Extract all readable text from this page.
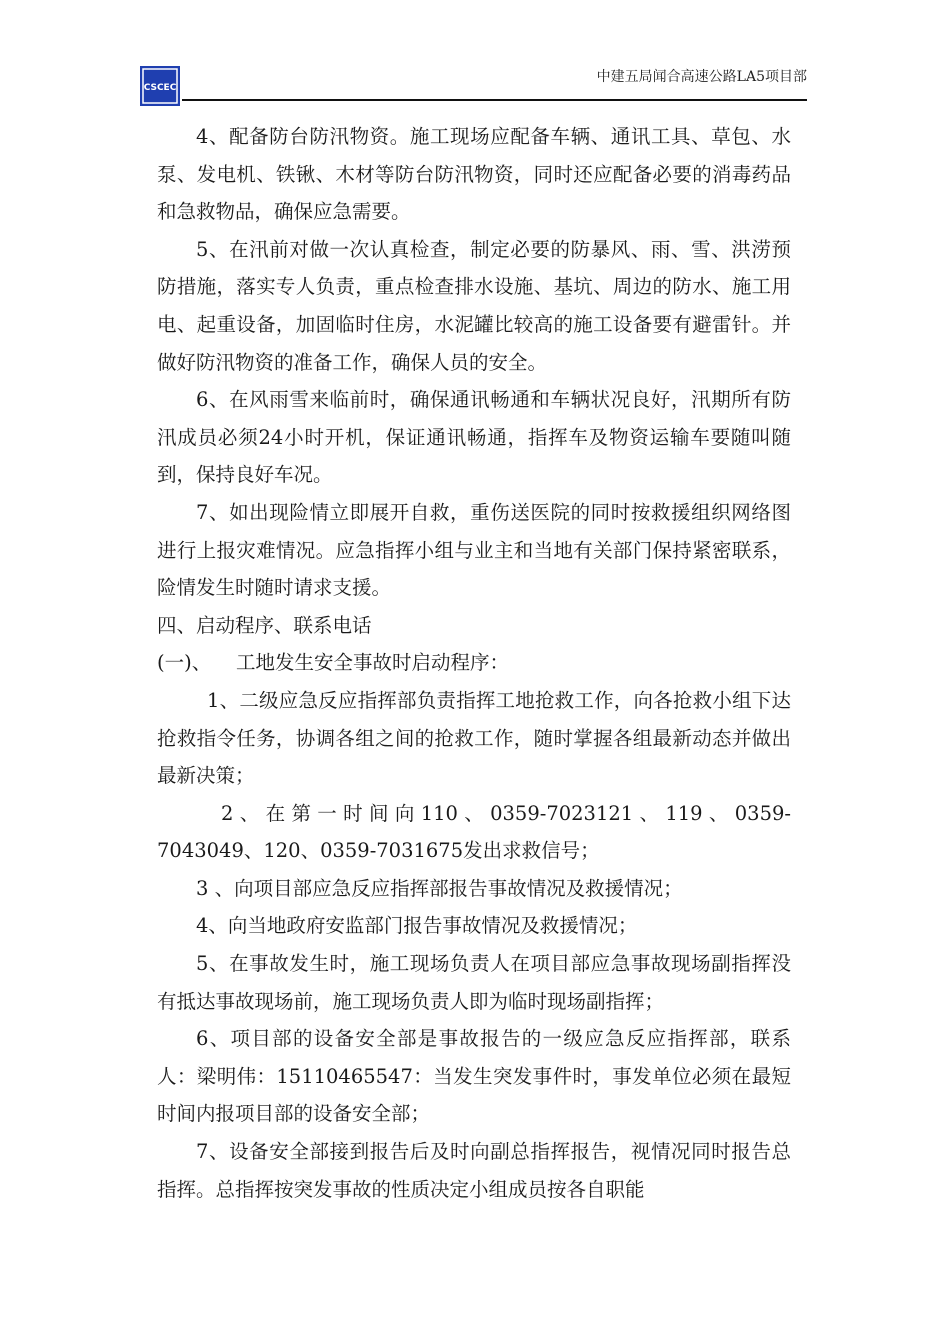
CSCEC
中建五局闻合高速公路LA5项目部

4、配备防台防汛物资。施工现场应配备车辆、通讯工具、草包、水泵、发电机、铁锹、木材等防台防汛物资，同时还应配备必要的消毒药品和急救物品，确保应急需要。

5、在汛前对做一次认真检查，制定必要的防暴风、雨、雪、洪涝预防措施，落实专人负责，重点检查排水设施、基坑、周边的防水、施工用电、起重设备，加固临时住房，水泥罐比较高的施工设备要有避雷针。并做好防汛物资的准备工作，确保人员的安全。

6、在风雨雪来临前时，确保通讯畅通和车辆状况良好，汛期所有防汛成员必须24小时开机，保证通讯畅通，指挥车及物资运输车要随叫随到，保持良好车况。

7、如出现险情立即展开自救，重伤送医院的同时按救援组织网络图进行上报灾难情况。应急指挥小组与业主和当地有关部门保持紧密联系，险情发生时随时请求支援。

四、启动程序、联系电话

(一)、    工地发生安全事故时启动程序：

1、二级应急反应指挥部负责指挥工地抢救工作，向各抢救小组下达抢救指令任务，协调各组之间的抢救工作，随时掌握各组最新动态并做出最新决策；

2、在第一时间向110、0359-7023121、119、0359-7043049、120、0359-7031675发出求救信号；

3 、向项目部应急反应指挥部报告事故情况及救援情况；

4、向当地政府安监部门报告事故情况及救援情况；

5、在事故发生时，施工现场负责人在项目部应急事故现场副指挥没有抵达事故现场前，施工现场负责人即为临时现场副指挥；

6、项目部的设备安全部是事故报告的一级应急反应指挥部，联系人：梁明伟：15110465547：当发生突发事件时，事发单位必须在最短时间内报项目部的设备安全部；

7、设备安全部接到报告后及时向副总指挥报告，视情况同时报告总指挥。总指挥按突发事故的性质决定小组成员按各自职能
